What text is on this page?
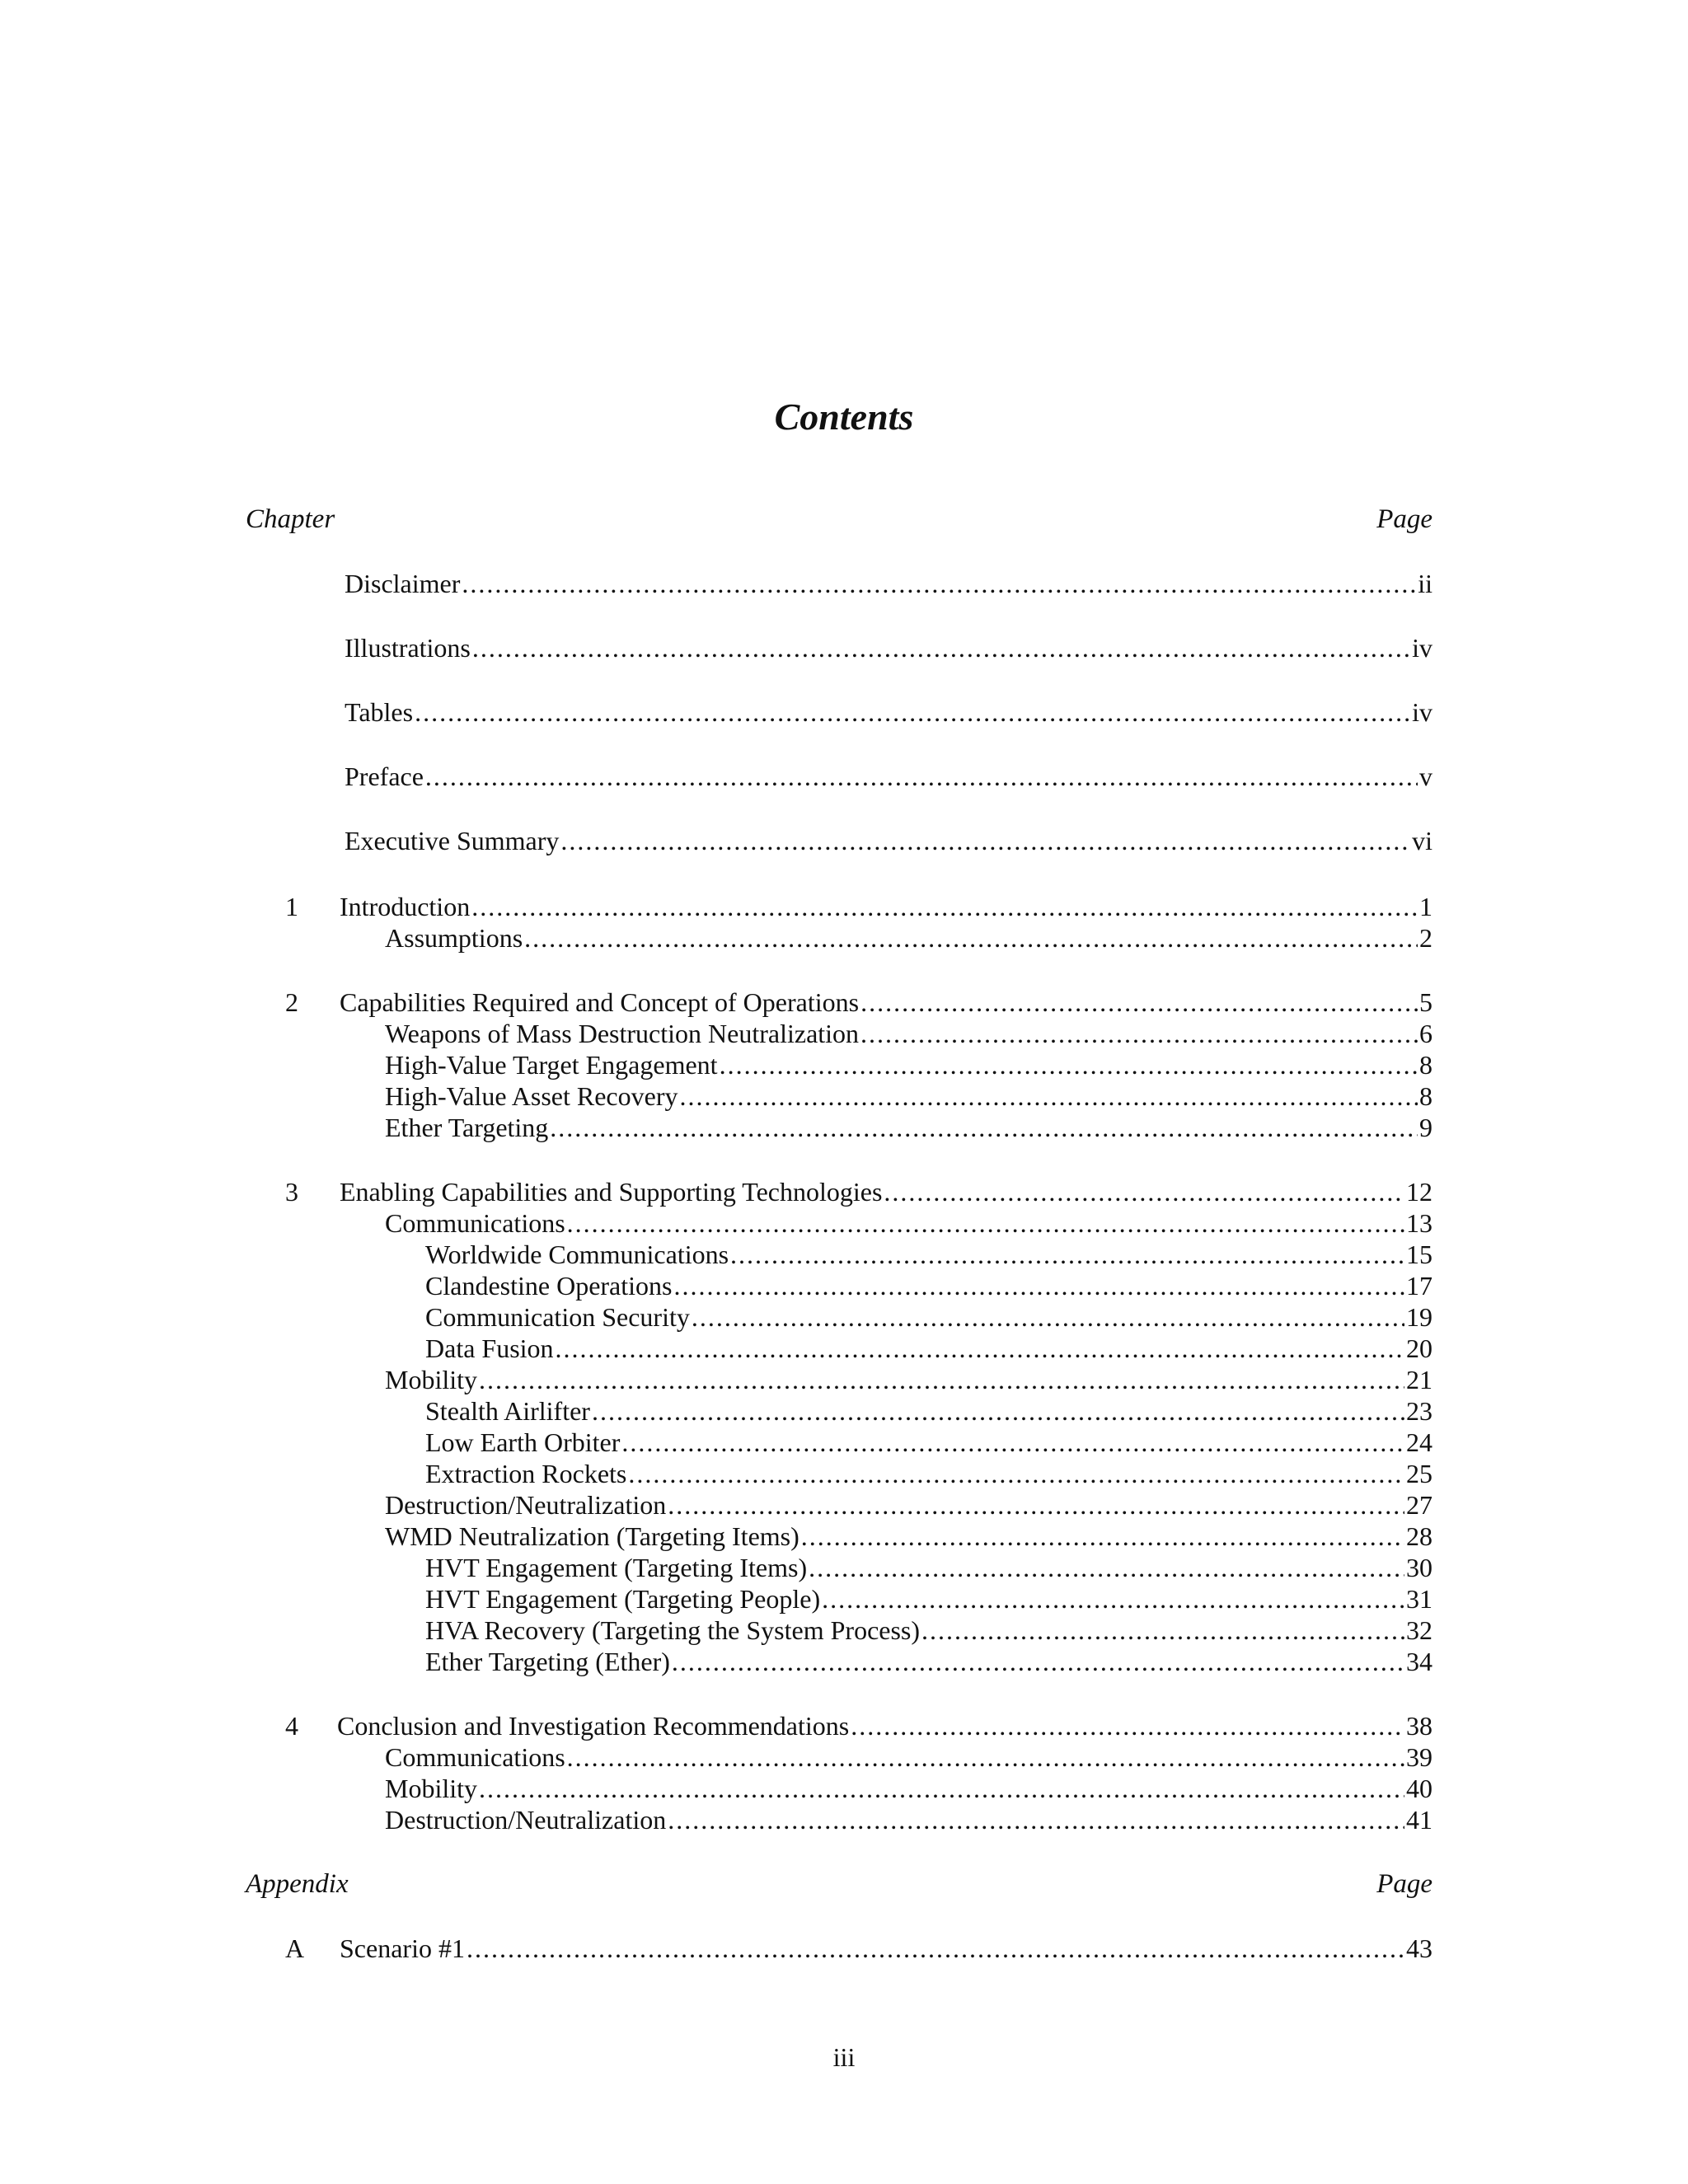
Contents
Chapter	Page
Disclaimer .....	ii
Illustrations .....	iv
Tables .....	iv
Preface .....	v
Executive Summary .....	vi
1 Introduction .....	1
Assumptions .....	2
2 Capabilities Required and Concept of Operations .....	5
Weapons of Mass Destruction Neutralization .....	6
High-Value Target Engagement .....	8
High-Value Asset Recovery .....	8
Ether Targeting .....	9
3 Enabling Capabilities and Supporting Technologies .....	12
Communications .....	13
Worldwide Communications .....	15
Clandestine Operations .....	17
Communication Security .....	19
Data Fusion .....	20
Mobility .....	21
Stealth Airlifter .....	23
Low Earth Orbiter .....	24
Extraction Rockets .....	25
Destruction/Neutralization .....	27
WMD Neutralization (Targeting Items) .....	28
HVT Engagement (Targeting Items) .....	30
HVT Engagement (Targeting People) .....	31
HVA Recovery (Targeting the System Process) .....	32
Ether Targeting (Ether) .....	34
4 Conclusion and Investigation Recommendations .....	38
Communications .....	39
Mobility .....	40
Destruction/Neutralization .....	41
Appendix	Page
A Scenario #1 .....	43
iii
